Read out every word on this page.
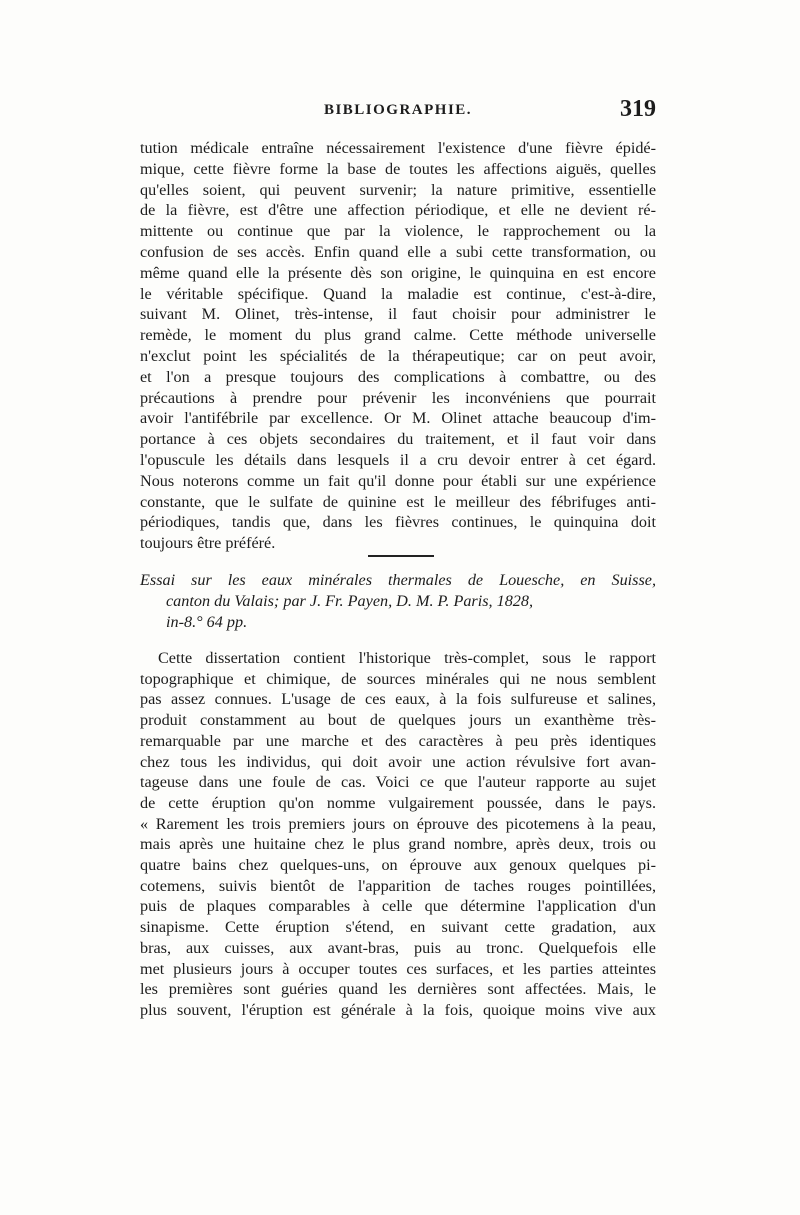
BIBLIOGRAPHIE.	319
tution médicale entraîne nécessairement l'existence d'une fièvre épidé-
mique, cette fièvre forme la base de toutes les affections aiguës, quelles
qu'elles soient, qui peuvent survenir; la nature primitive, essentielle
de la fièvre, est d'être une affection périodique, et elle ne devient ré-
mittente ou continue que par la violence, le rapprochement ou la
confusion de ses accès. Enfin quand elle a subi cette transformation, ou
même quand elle la présente dès son origine, le quinquina en est encore
le véritable spécifique. Quand la maladie est continue, c'est-à-dire,
suivant M. Olinet, très-intense, il faut choisir pour administrer le
remède, le moment du plus grand calme. Cette méthode universelle
n'exclut point les spécialités de la thérapeutique; car on peut avoir,
et l'on a presque toujours des complications à combattre, ou des
précautions à prendre pour prévenir les inconvéniens que pourrait
avoir l'antifébrile par excellence. Or M. Olinet attache beaucoup d'im-
portance à ces objets secondaires du traitement, et il faut voir dans
l'opuscule les détails dans lesquels il a cru devoir entrer à cet égard.
Nous noterons comme un fait qu'il donne pour établi sur une expérience
constante, que le sulfate de quinine est le meilleur des fébrifuges anti-
périodiques, tandis que, dans les fièvres continues, le quinquina doit
toujours être préféré.
Essai sur les eaux minérales thermales de Louesche, en Suisse,
canton du Valais; par J. Fr. Payen, D. M. P. Paris, 1828,
in-8.° 64 pp.
Cette dissertation contient l'historique très-complet, sous le rapport
topographique et chimique, de sources minérales qui ne nous semblent
pas assez connues. L'usage de ces eaux, à la fois sulfureuse et salines,
produit constamment au bout de quelques jours un exanthème très-
remarquable par une marche et des caractères à peu près identiques
chez tous les individus, qui doit avoir une action révulsive fort avan-
tageuse dans une foule de cas. Voici ce que l'auteur rapporte au sujet
de cette éruption qu'on nomme vulgairement poussée, dans le pays.
« Rarement les trois premiers jours on éprouve des picotemens à la peau,
mais après une huitaine chez le plus grand nombre, après deux, trois ou
quatre bains chez quelques-uns, on éprouve aux genoux quelques pi-
cotemens, suivis bientôt de l'apparition de taches rouges pointillées,
puis de plaques comparables à celle que détermine l'application d'un
sinapisme. Cette éruption s'étend, en suivant cette gradation, aux
bras, aux cuisses, aux avant-bras, puis au tronc. Quelquefois elle
met plusieurs jours à occuper toutes ces surfaces, et les parties atteintes
les premières sont guéries quand les dernières sont affectées. Mais, le
plus souvent, l'éruption est générale à la fois, quoique moins vive aux
